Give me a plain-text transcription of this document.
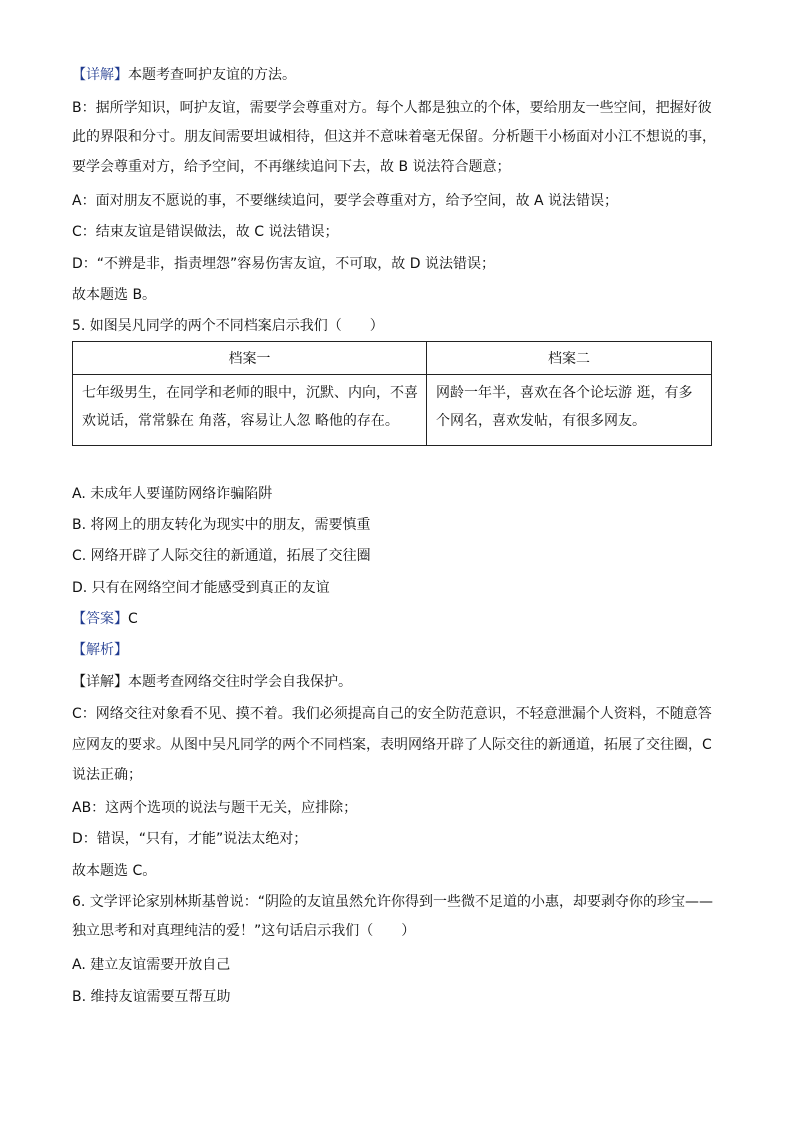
【详解】本题考查呵护友谊的方法。
B：据所学知识，呵护友谊，需要学会尊重对方。每个人都是独立的个体，要给朋友一些空间，把握好彼
此的界限和分寸。朋友间需要坦诚相待，但这并不意味着毫无保留。分析题干小杨面对小江不想说的事，
要学会尊重对方，给予空间，不再继续追问下去，故 B 说法符合题意；
A：面对朋友不愿说的事，不要继续追问，要学会尊重对方，给予空间，故 A 说法错误；
C：结束友谊是错误做法，故 C 说法错误；
D：“不辨是非，指责埋怨”容易伤害友谊，不可取，故 D 说法错误；
故本题选 B。
5. 如图吴凡同学的两个不同档案启示我们（　　）
档案一	档案二

七年级男生，在同学和老师的眼中，沉默、内向，不喜欢说话，常常躲在 角落，容易让人忽 略他的存在。	网龄一年半，喜欢在各个论坛游 逛，有多个网名，喜欢发帖，有很多网友。
A. 未成年人要谨防网络诈骗陷阱
B. 将网上的朋友转化为现实中的朋友，需要慎重
C. 网络开辟了人际交往的新通道，拓展了交往圈
D. 只有在网络空间才能感受到真正的友谊
【答案】C
【解析】
【详解】本题考查网络交往时学会自我保护。
C：网络交往对象看不见、摸不着。我们必须提高自己的安全防范意识，不轻意泄漏个人资料，不随意答
应网友的要求。从图中吴凡同学的两个不同档案，表明网络开辟了人际交往的新通道，拓展了交往圈，C
说法正确；
AB：这两个选项的说法与题干无关，应排除；
D：错误，“只有，才能”说法太绝对；
故本题选 C。
6. 文学评论家别林斯基曾说：“阴险的友谊虽然允许你得到一些微不足道的小惠，却要剥夺你的珍宝——
独立思考和对真理纯洁的爱！”这句话启示我们（　　）
A. 建立友谊需要开放自己
B. 维持友谊需要互帮互助
